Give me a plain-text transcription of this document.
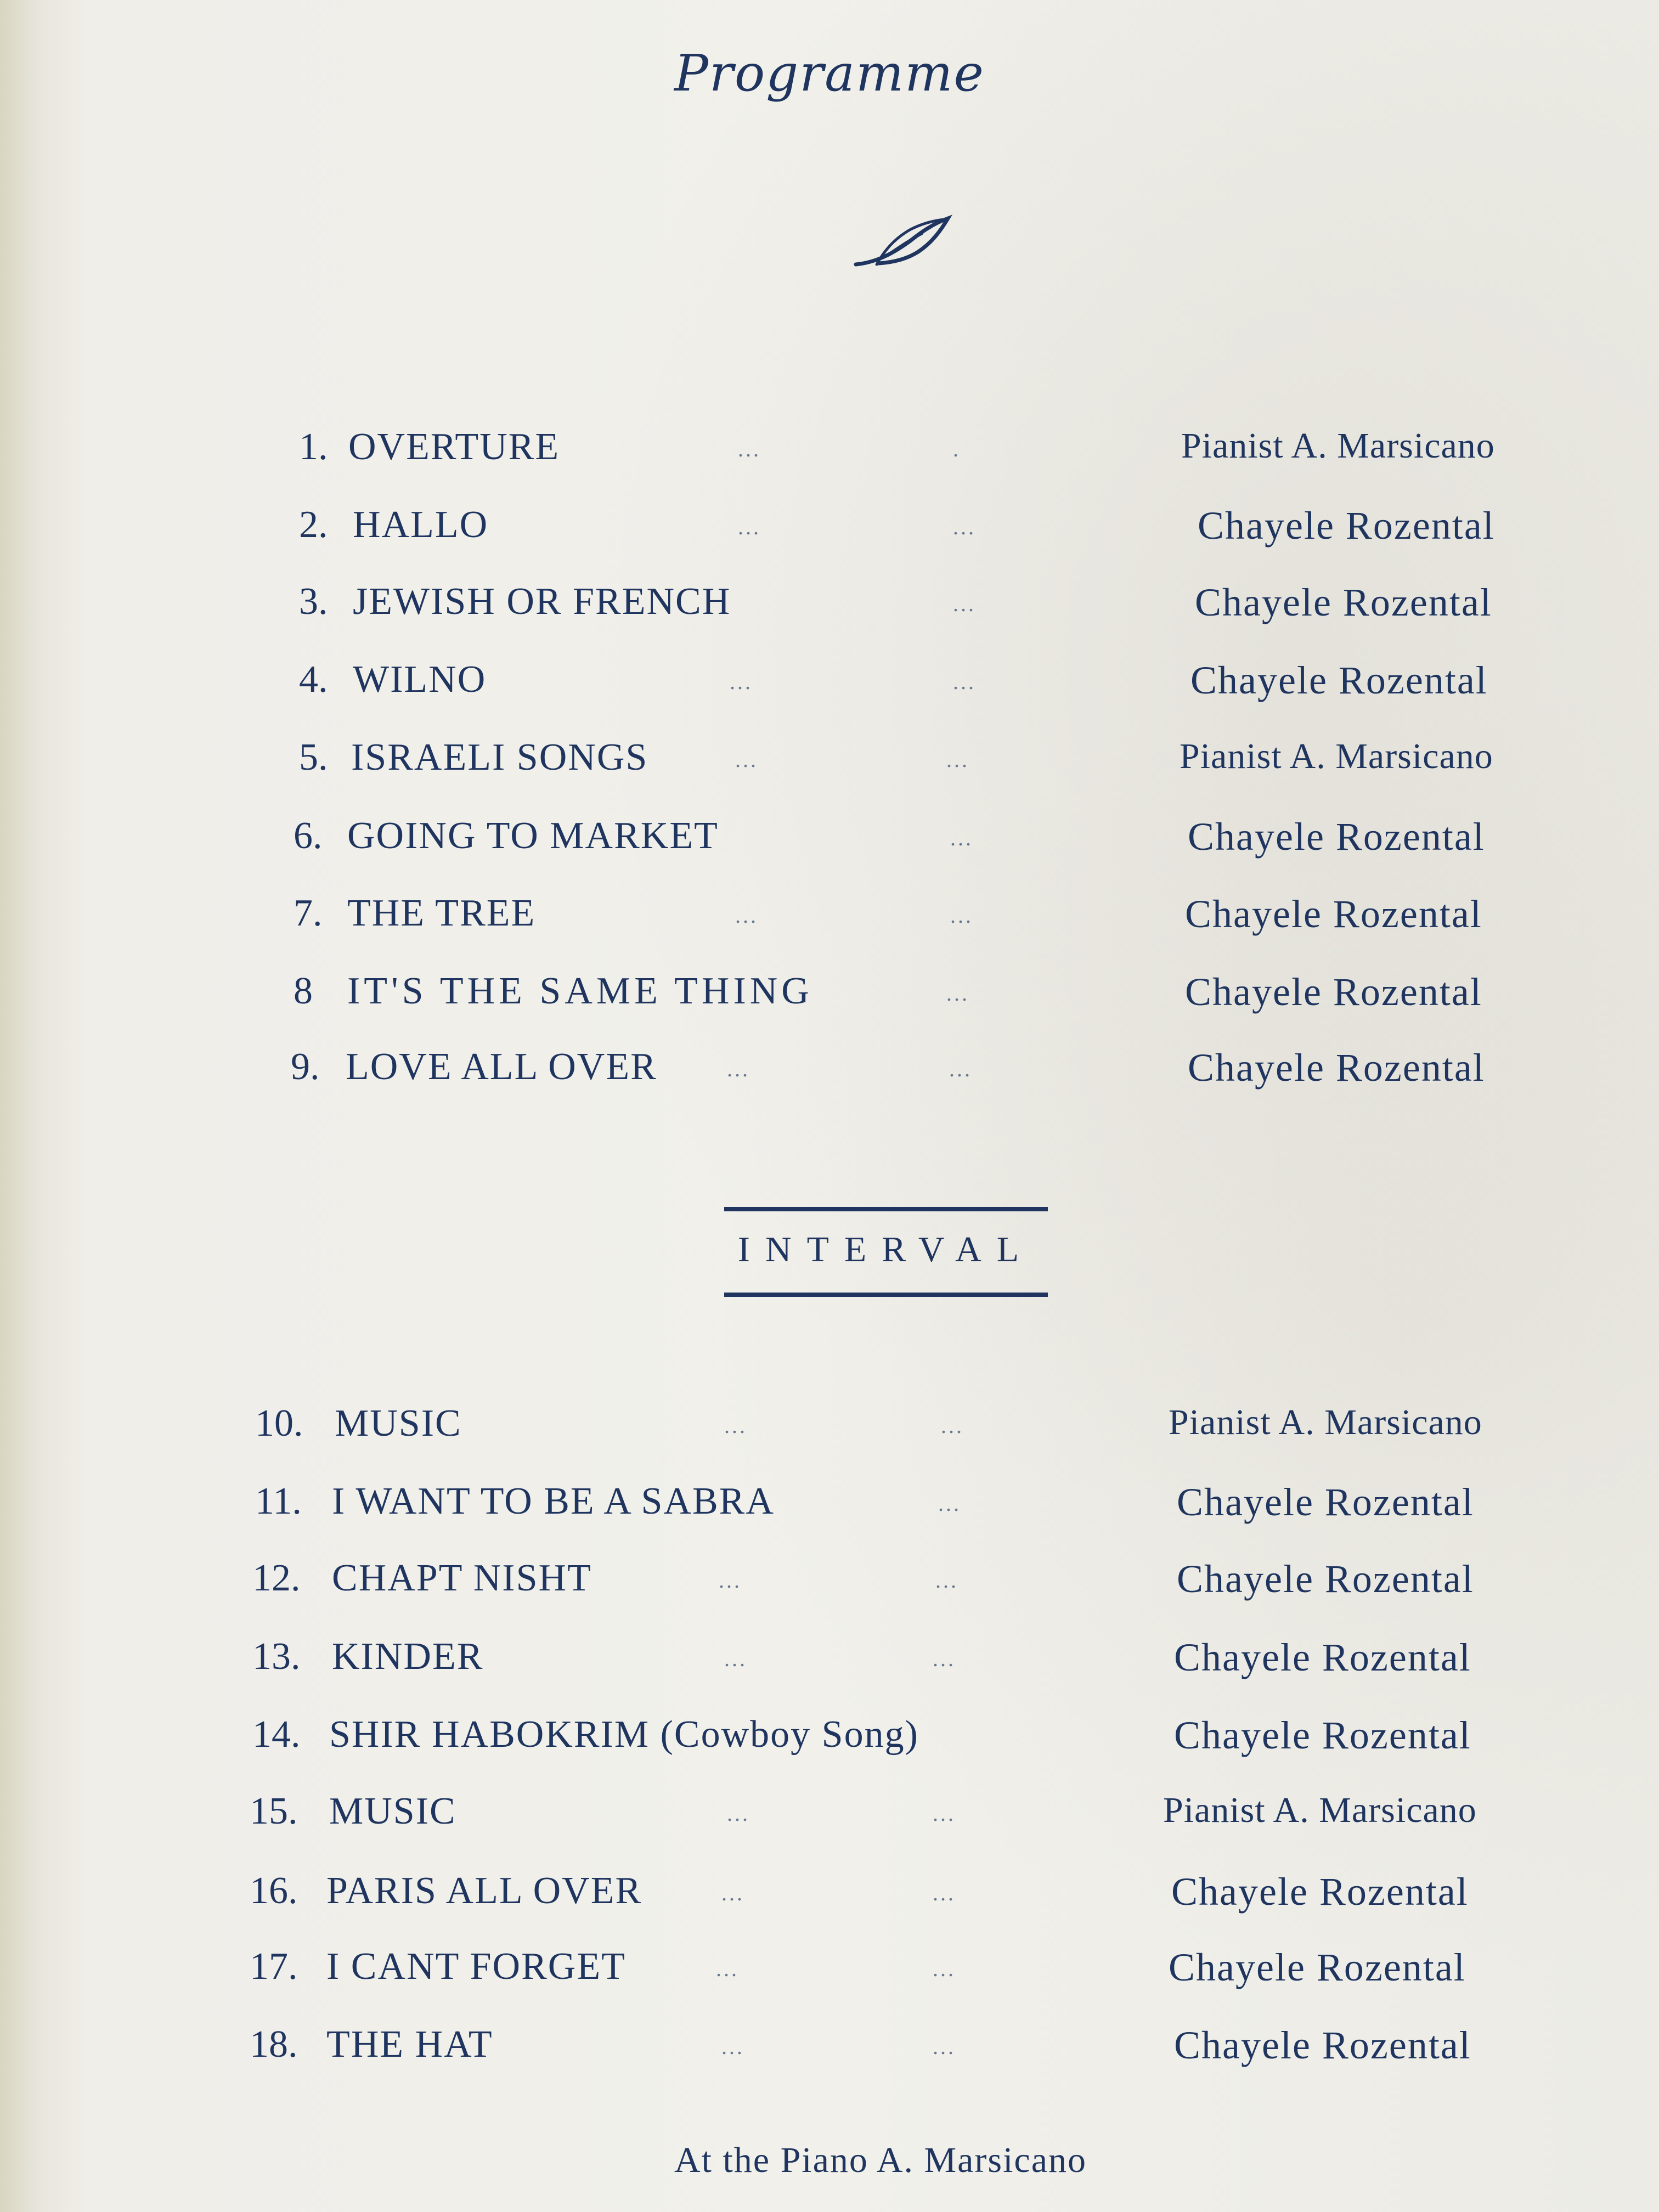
Programme
1. OVERTURE	...	.	Pianist A. Marsicano
2. HALLO	...	...	Chayele Rozental
3. JEWISH OR FRENCH	...	Chayele Rozental
4. WILNO	...	...	Chayele Rozental
5. ISRAELI SONGS	...	...	Pianist A. Marsicano
6. GOING TO MARKET	...	Chayele Rozental
7. THE TREE	...	...	Chayele Rozental
8 IT'S THE SAME THING	...	Chayele Rozental
9. LOVE ALL OVER	...	...	Chayele Rozental
INTERVAL
10. MUSIC	...	...	Pianist A. Marsicano
11. I WANT TO BE A SABRA	...	Chayele Rozental
12. CHAPT NISHT	...	...	Chayele Rozental
13. KINDER	...	...	Chayele Rozental
14. SHIR HABOKRIM (Cowboy Song)	Chayele Rozental
15. MUSIC	...	...	Pianist A. Marsicano
16. PARIS ALL OVER	...	...	Chayele Rozental
17. I CANT FORGET	...	...	Chayele Rozental
18. THE HAT	...	...	Chayele Rozental
At the Piano A. Marsicano
